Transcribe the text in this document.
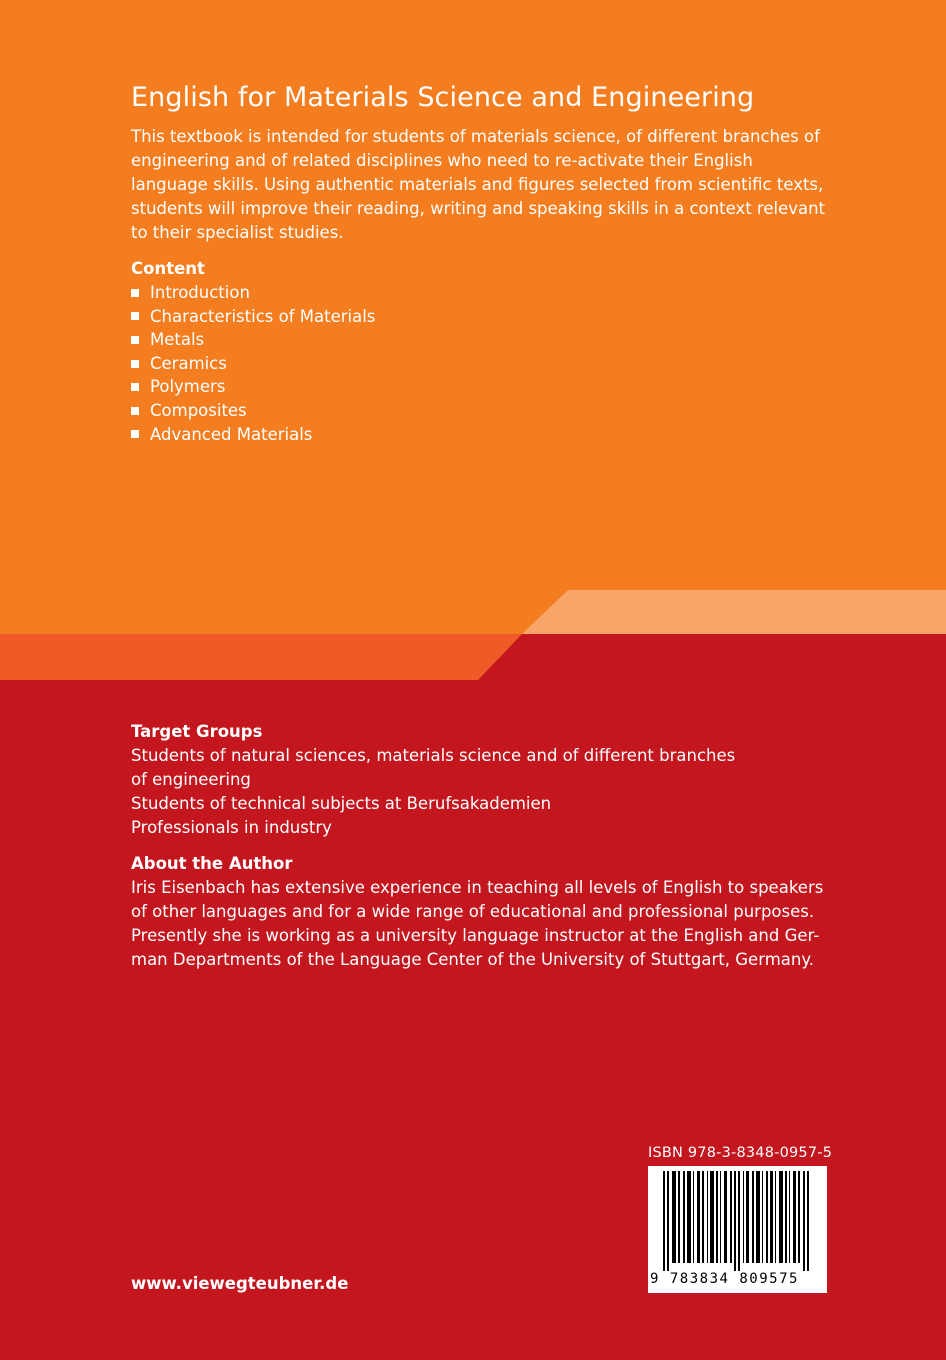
English for Materials Science and Engineering

This textbook is intended for students of materials science, of different branches of engineering and of related disciplines who need to re-activate their English language skills. Using authentic materials and figures selected from scientific texts, students will improve their reading, writing and speaking skills in a context relevant to their specialist studies.

Content

Introduction
Characteristics of Materials
Metals
Ceramics
Polymers
Composites
Advanced Materials

Target Groups

Students of natural sciences, materials science and of different branches

of engineering

Students of technical subjects at Berufsakademien

Professionals in industry

About the Author

Iris Eisenbach has extensive experience in teaching all levels of English to speakers

of other languages and for a wide range of educational and professional purposes.

Presently she is working as a university language instructor at the English and Ger-

man Departments of the Language Center of the University of Stuttgart, Germany.

ISBN 978-3-8348-0957-5
9 783834 809575
www.viewegteubner.de
